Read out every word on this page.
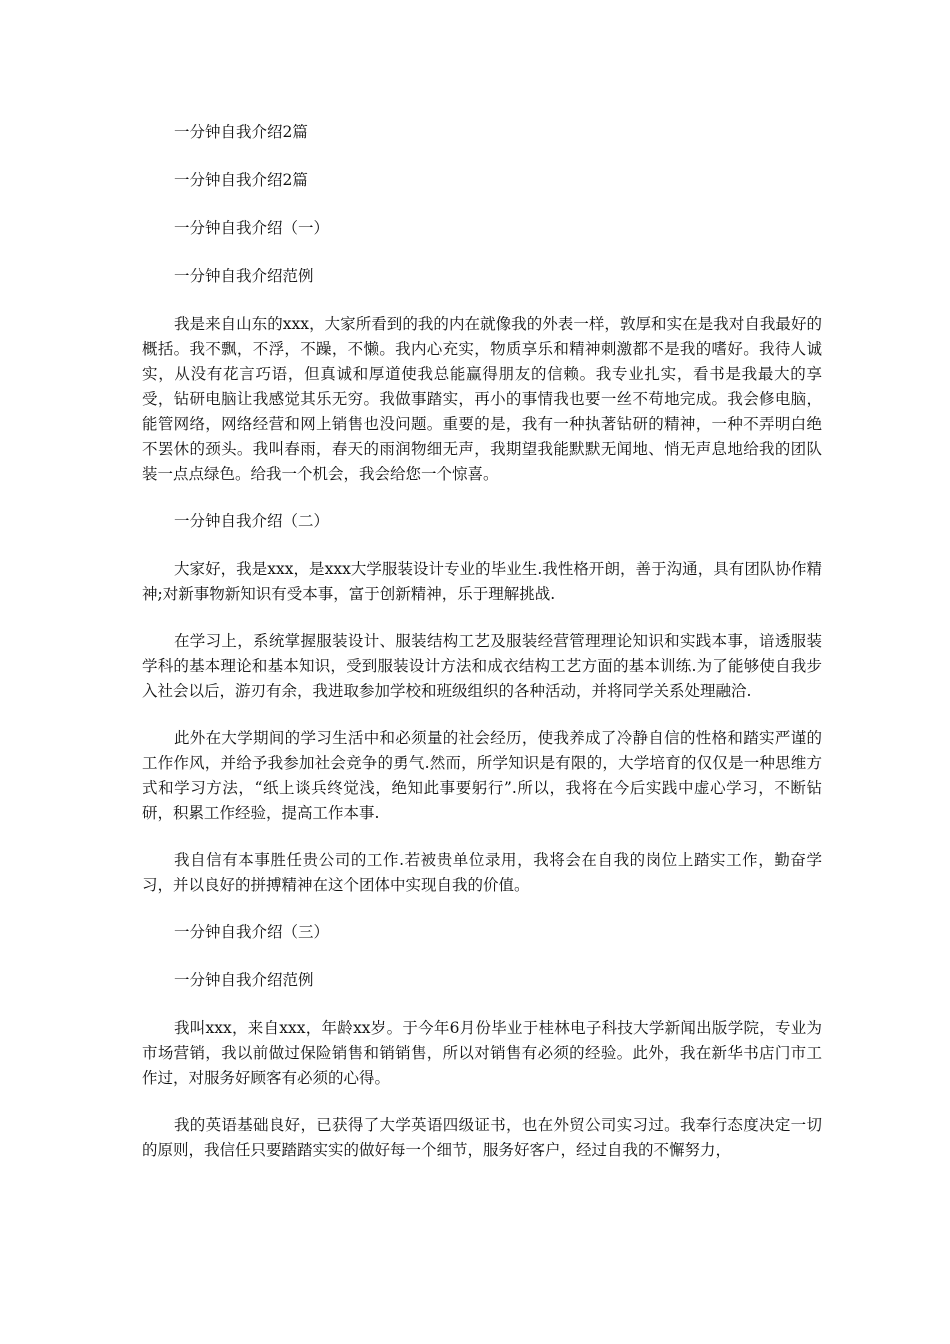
一分钟自我介绍2篇

一分钟自我介绍2篇

一分钟自我介绍（一）

一分钟自我介绍范例

我是来自山东的xxx，大家所看到的我的内在就像我的外表一样，敦厚和实在是我对自我最好的概括。我不飘，不浮，不躁，不懒。我内心充实，物质享乐和精神刺激都不是我的嗜好。我待人诚实，从没有花言巧语，但真诚和厚道使我总能赢得朋友的信赖。我专业扎实，看书是我最大的享受，钻研电脑让我感觉其乐无穷。我做事踏实，再小的事情我也要一丝不苟地完成。我会修电脑，能管网络，网络经营和网上销售也没问题。重要的是，我有一种执著钻研的精神，一种不弄明白绝不罢休的颈头。我叫春雨，春天的雨润物细无声，我期望我能默默无闻地、悄无声息地给我的团队装一点点绿色。给我一个机会，我会给您一个惊喜。

一分钟自我介绍（二）

大家好，我是xxx，是xxx大学服装设计专业的毕业生.我性格开朗，善于沟通，具有团队协作精神;对新事物新知识有受本事，富于创新精神，乐于理解挑战.

在学习上，系统掌握服装设计、服装结构工艺及服装经营管理理论知识和实践本事，谙透服装学科的基本理论和基本知识，受到服装设计方法和成衣结构工艺方面的基本训练.为了能够使自我步入社会以后，游刃有余，我进取参加学校和班级组织的各种活动，并将同学关系处理融洽.

此外在大学期间的学习生活中和必须量的社会经历，使我养成了冷静自信的性格和踏实严谨的工作作风，并给予我参加社会竞争的勇气.然而，所学知识是有限的，大学培育的仅仅是一种思维方式和学习方法，“纸上谈兵终觉浅，绝知此事要躬行”.所以，我将在今后实践中虚心学习，不断钻研，积累工作经验，提高工作本事.

我自信有本事胜任贵公司的工作.若被贵单位录用，我将会在自我的岗位上踏实工作，勤奋学习，并以良好的拼搏精神在这个团体中实现自我的价值。

一分钟自我介绍（三）

一分钟自我介绍范例

我叫xxx，来自xxx，年龄xx岁。于今年6月份毕业于桂林电子科技大学新闻出版学院，专业为市场营销，我以前做过保险销售和销销售，所以对销售有必须的经验。此外，我在新华书店门市工作过，对服务好顾客有必须的心得。

我的英语基础良好，已获得了大学英语四级证书，也在外贸公司实习过。我奉行态度决定一切的原则，我信任只要踏踏实实的做好每一个细节，服务好客户，经过自我的不懈努力，
